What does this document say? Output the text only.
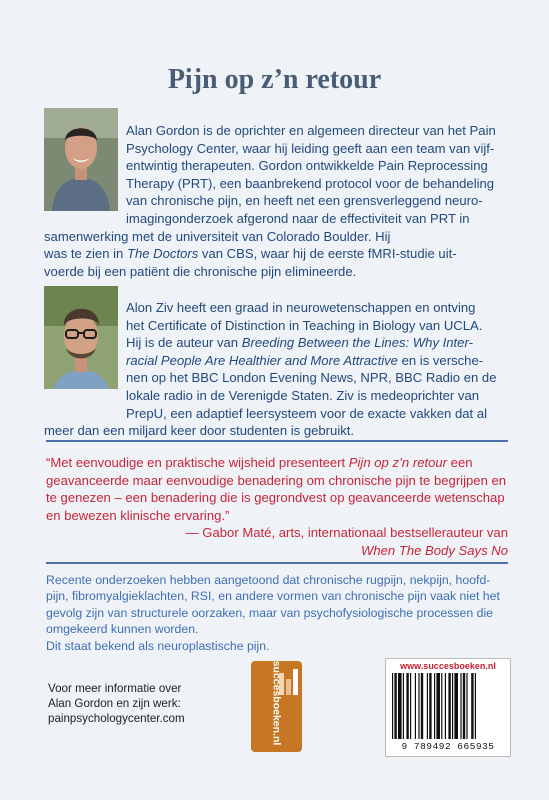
Pijn op z’n retour

Alan Gordon is de oprichter en algemeen directeur van het Pain
Psychology Center, waar hij leiding geeft aan een team van vijf-
entwintig therapeuten. Gordon ontwikkelde Pain Reprocessing
Therapy (PRT), een baanbrekend protocol voor de behandeling
van chronische pijn, en heeft net een grensverleggend neuro-
imagingonderzoek afgerond naar de effectiviteit van PRT in
samenwerking met de universiteit van Colorado Boulder. Hij
was te zien in The Doctors van CBS, waar hij de eerste fMRI-studie uit-
voerde bij een patiënt die chronische pijn elimineerde.

Alon Ziv heeft een graad in neurowetenschappen en ontving
het Certificate of Distinction in Teaching in Biology van UCLA.
Hij is de auteur van Breeding Between the Lines: Why Inter-
racial People Are Healthier and More Attractive en is versche-
nen op het BBC London Evening News, NPR, BBC Radio en de
lokale radio in de Verenigde Staten. Ziv is medeoprichter van
PrepU, een adaptief leersysteem voor de exacte vakken dat al
meer dan een miljard keer door studenten is gebruikt.

“Met eenvoudige en praktische wijsheid presenteert Pijn op z’n retour een geavanceerde maar eenvoudige benadering om chronische pijn te begrijpen en te genezen – een benadering die is gegrondvest op geavanceerde wetenschap en bewezen klinische ervaring.”

— Gabor Maté, arts, internationaal bestsellerauteur van
When The Body Says No

Recente onderzoeken hebben aangetoond dat chronische rugpijn, nekpijn, hoofd-
pijn, fibromyalgieklachten, RSI, en andere vormen van chronische pijn vaak niet het
gevolg zijn van structurele oorzaken, maar van psychofysiologische processen die
omgekeerd kunnen worden.
Dit staat bekend als neuroplastische pijn.

Voor meer informatie over
Alan Gordon en zijn werk:
painpsychologycenter.com	succesboeken.nl	www.succesboeken.nl
9 789492 665935
